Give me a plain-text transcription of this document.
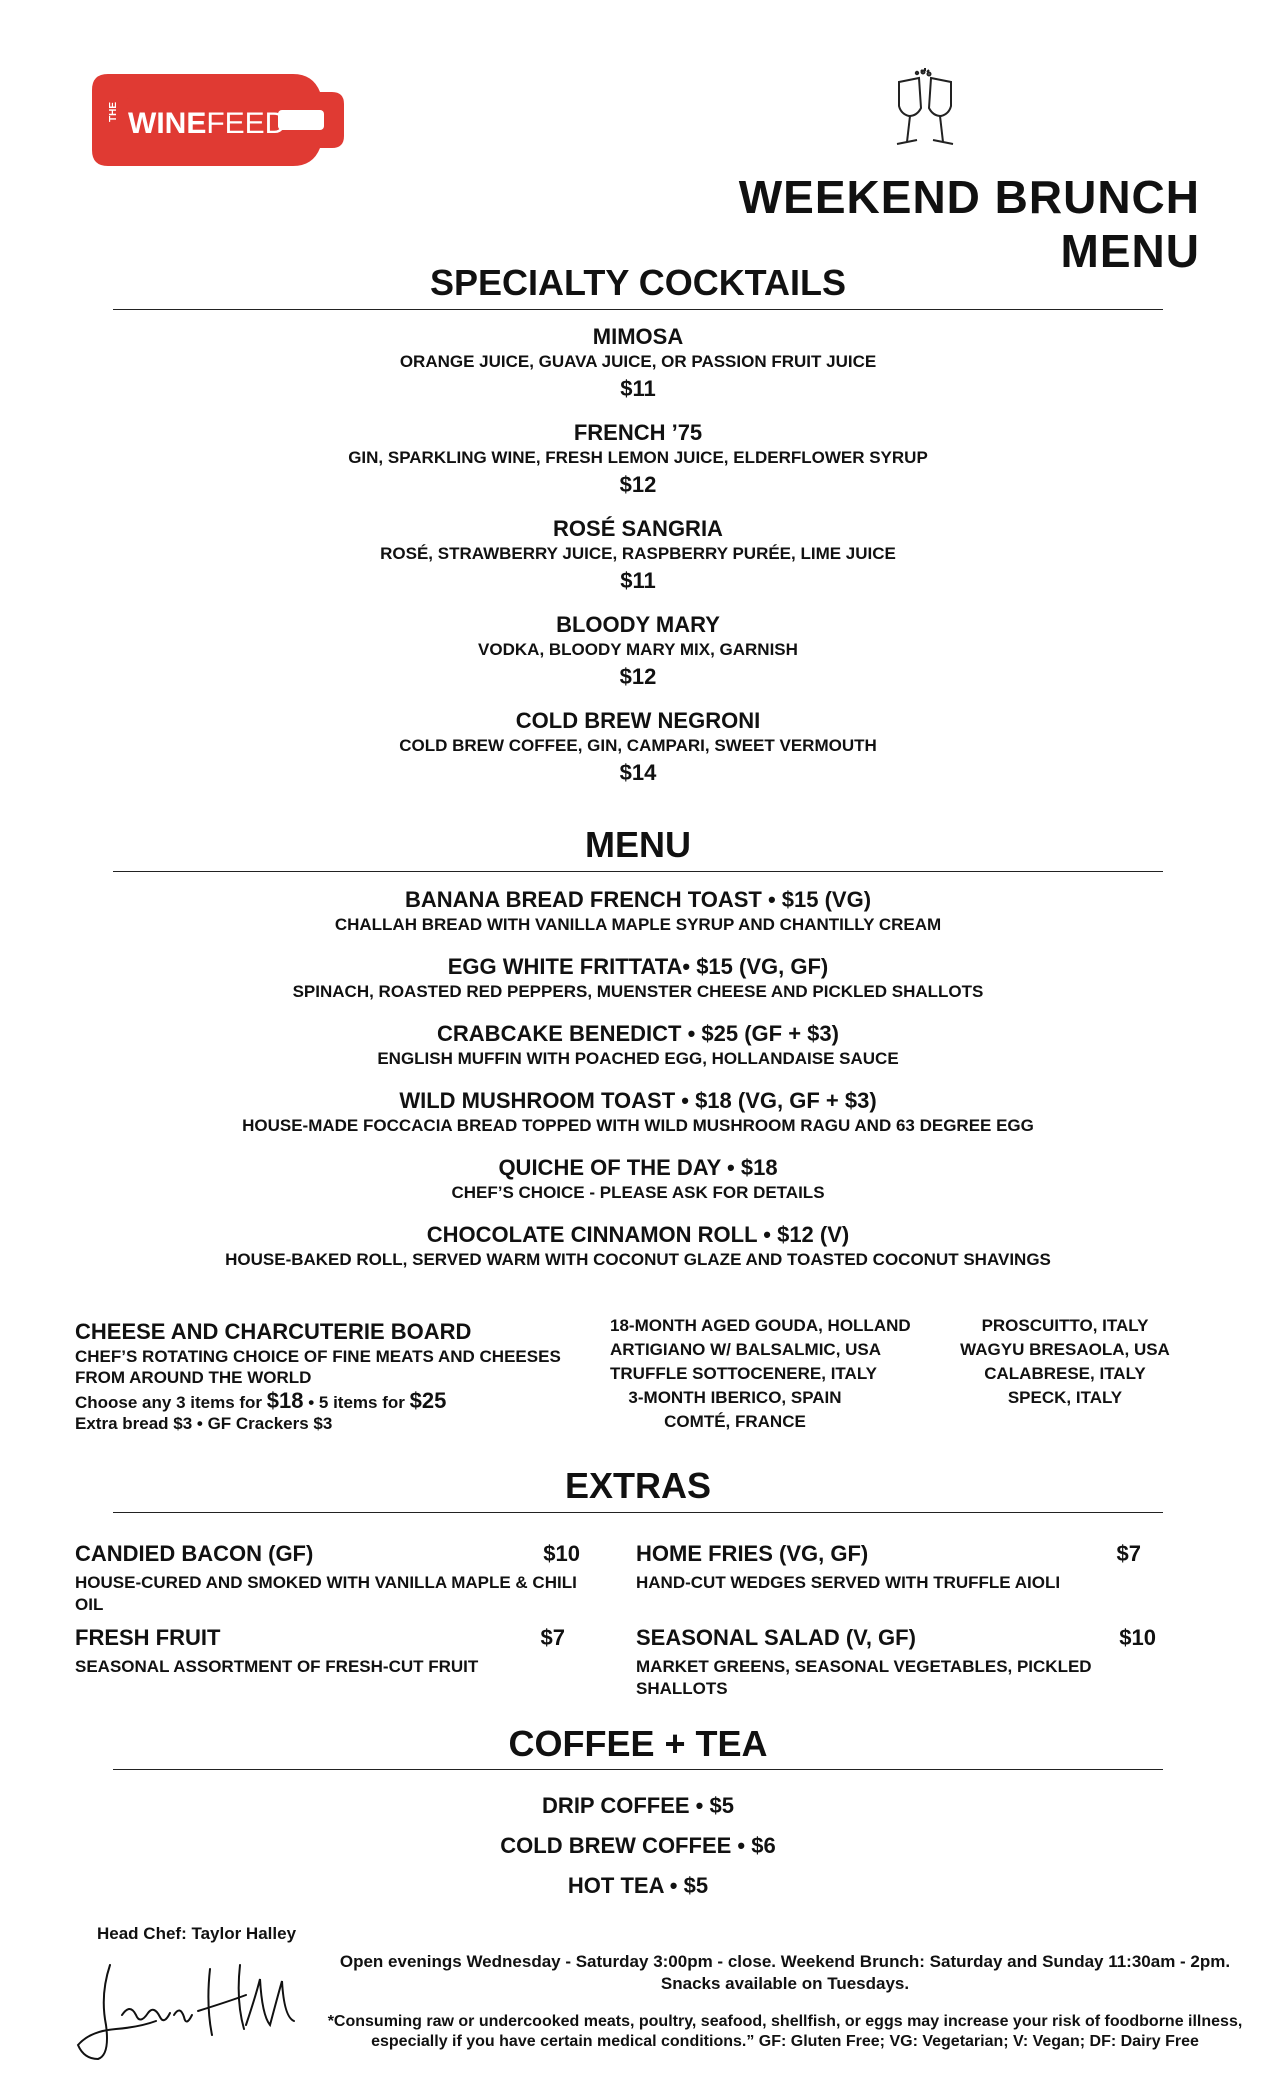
THE WINEFEED
WEEKEND BRUNCH MENU
SPECIALTY COCKTAILS
MIMOSA
ORANGE JUICE, GUAVA JUICE, OR PASSION FRUIT JUICE
$11
FRENCH ’75
GIN, SPARKLING WINE, FRESH LEMON JUICE, ELDERFLOWER SYRUP
$12
ROSÉ SANGRIA
ROSÉ, STRAWBERRY JUICE, RASPBERRY PURÉE, LIME JUICE
$11
BLOODY MARY
VODKA, BLOODY MARY MIX, GARNISH
$12
COLD BREW NEGRONI
COLD BREW COFFEE, GIN, CAMPARI, SWEET VERMOUTH
$14
MENU
BANANA BREAD FRENCH TOAST • $15 (VG)
CHALLAH BREAD WITH VANILLA MAPLE SYRUP AND CHANTILLY CREAM
EGG WHITE FRITTATA• $15 (VG, GF)
SPINACH, ROASTED RED PEPPERS, MUENSTER CHEESE AND PICKLED SHALLOTS
CRABCAKE BENEDICT • $25 (GF + $3)
ENGLISH MUFFIN WITH POACHED EGG, HOLLANDAISE SAUCE
WILD MUSHROOM TOAST • $18 (VG, GF + $3)
HOUSE-MADE FOCCACIA BREAD TOPPED WITH WILD MUSHROOM RAGU AND 63 DEGREE EGG
QUICHE OF THE DAY • $18
CHEF’S CHOICE - PLEASE ASK FOR DETAILS
CHOCOLATE CINNAMON ROLL • $12 (V)
HOUSE-BAKED ROLL, SERVED WARM WITH COCONUT GLAZE AND TOASTED COCONUT SHAVINGS
CHEESE AND CHARCUTERIE BOARD
CHEF’S ROTATING CHOICE OF FINE MEATS AND CHEESES
FROM AROUND THE WORLD
Choose any 3 items for $18 • 5 items for $25
Extra bread $3 • GF Crackers $3
18-MONTH AGED GOUDA, HOLLAND
ARTIGIANO W/ BALSALMIC, USA
TRUFFLE SOTTOCENERE, ITALY
3-MONTH IBERICO, SPAIN
COMTÉ, FRANCE
PROSCUITTO, ITALY
WAGYU BRESAOLA, USA
CALABRESE, ITALY
SPECK, ITALY
EXTRAS
CANDIED BACON (GF)	$10
HOUSE-CURED AND SMOKED WITH VANILLA MAPLE & CHILI OIL
HOME FRIES (VG, GF)	$7
HAND-CUT WEDGES SERVED WITH TRUFFLE AIOLI
FRESH FRUIT	$7
SEASONAL ASSORTMENT OF FRESH-CUT FRUIT
SEASONAL SALAD (V, GF)	$10
MARKET GREENS, SEASONAL VEGETABLES, PICKLED SHALLOTS
COFFEE + TEA
DRIP COFFEE • $5
COLD BREW COFFEE • $6
HOT TEA • $5
Head Chef: Taylor Halley
Open evenings Wednesday - Saturday 3:00pm - close. Weekend Brunch: Saturday and Sunday 11:30am - 2pm.
Snacks available on Tuesdays.
*Consuming raw or undercooked meats, poultry, seafood, shellfish, or eggs may increase your risk of foodborne illness,
especially if you have certain medical conditions.” GF: Gluten Free; VG: Vegetarian; V: Vegan; DF: Dairy Free
